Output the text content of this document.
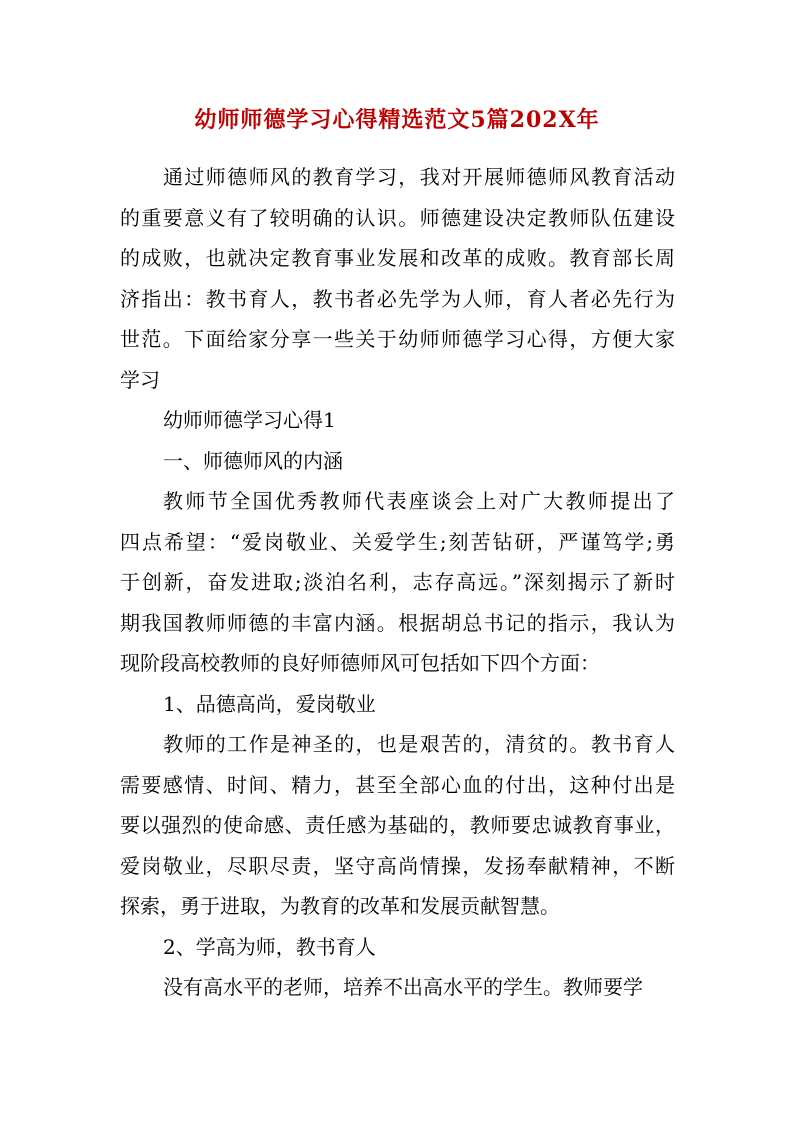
幼师师德学习心得精选范文5篇202X年

通过师德师风的教育学习，我对开展师德师风教育活动
的重要意义有了较明确的认识。师德建设决定教师队伍建设
的成败，也就决定教育事业发展和改革的成败。教育部长周
济指出：教书育人，教书者必先学为人师，育人者必先行为
世范。下面给家分享一些关于幼师师德学习心得，方便大家
学习

幼师师德学习心得1
一、师德师风的内涵

教师节全国优秀教师代表座谈会上对广大教师提出了
四点希望：“爱岗敬业、关爱学生;刻苦钻研，严谨笃学;勇
于创新，奋发进取;淡泊名利，志存高远。”深刻揭示了新时
期我国教师师德的丰富内涵。根据胡总书记的指示，我认为
现阶段高校教师的良好师德师风可包括如下四个方面：

1、品德高尚，爱岗敬业

教师的工作是神圣的，也是艰苦的，清贫的。教书育人
需要感情、时间、精力，甚至全部心血的付出，这种付出是
要以强烈的使命感、责任感为基础的，教师要忠诚教育事业，
爱岗敬业，尽职尽责，坚守高尚情操，发扬奉献精神，不断
探索，勇于进取，为教育的改革和发展贡献智慧。

2、学高为师，教书育人

没有高水平的老师，培养不出高水平的学生。教师要学
